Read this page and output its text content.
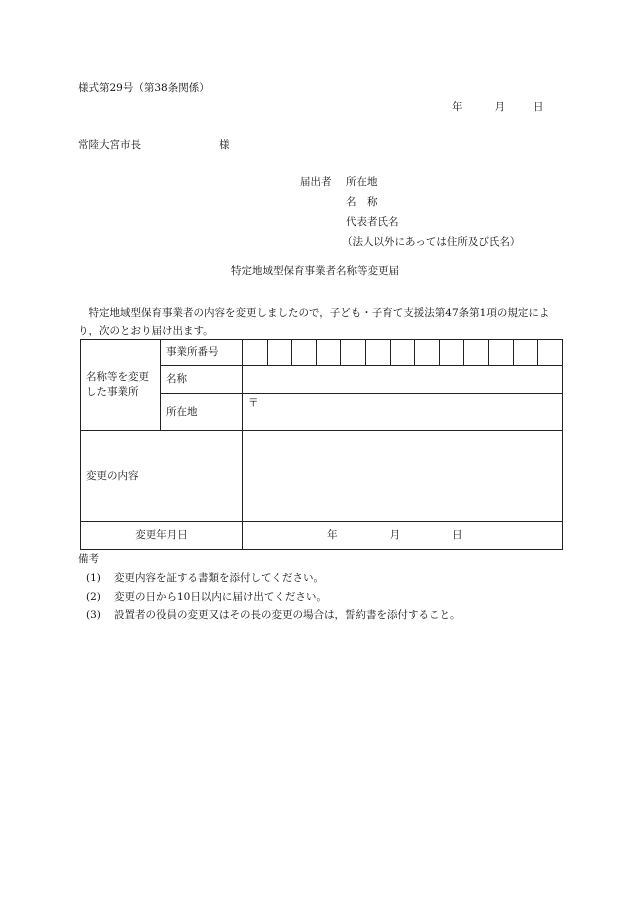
様式第29号（第38条関係）
年	月	日
常陸大宮市長	様
届出者 所在地
名　称
代表者氏名
（法人以外にあっては住所及び氏名）
特定地域型保育事業者名称等変更届
特定地域型保育事業者の内容を変更しましたので，子ども・子育て支援法第47条第1項の規定により，次のとおり届け出ます。
名称等を変更した事業所	事業所番号													
	名称													
	所在地	〒												
変更の内容														
変更年月日		年 月 日												
備考
(1) 変更内容を証する書類を添付してください。
(2) 変更の日から10日以内に届け出てください。
(3) 設置者の役員の変更又はその長の変更の場合は，誓約書を添付すること。
